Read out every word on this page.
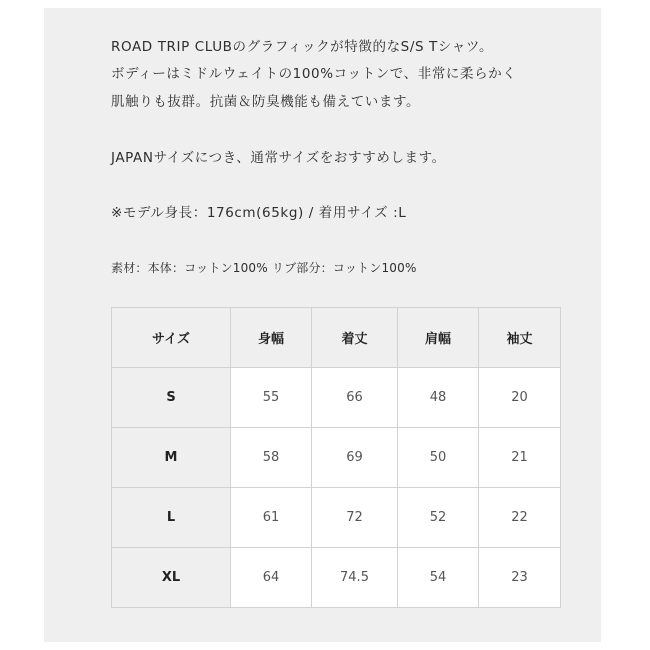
ROAD TRIP CLUBのグラフィックが特徴的なS/S Tシャツ。
ボディーはミドルウェイトの100%コットンで、非常に柔らかく
肌触りも抜群。抗菌＆防臭機能も備えています。
JAPANサイズにつき、通常サイズをおすすめします。
※モデル身長：176cm(65kg) / 着用サイズ :L
素材：本体：コットン100% リブ部分：コットン100%
サイズ	身幅	着丈	肩幅	袖丈
S	55	66	48	20
M	58	69	50	21
L	61	72	52	22
XL	64	74.5	54	23
